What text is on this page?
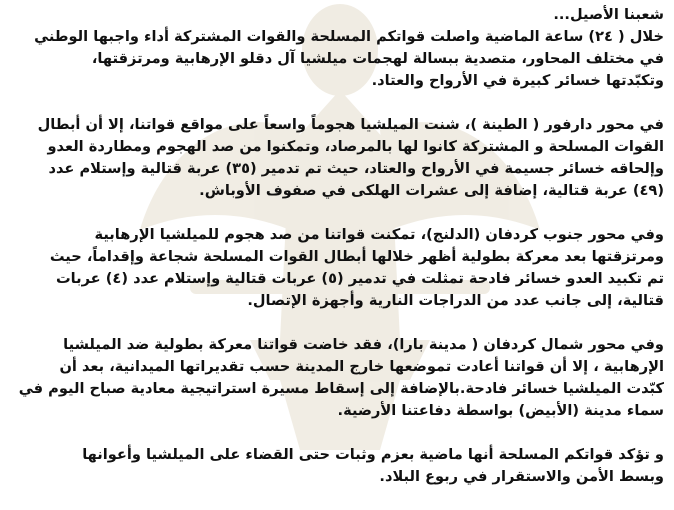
شعبنا الأصيل...
خلال ( ٢٤) ساعة الماضية واصلت قواتكم المسلحة والقوات المشتركة أداء واجبها الوطني
في مختلف المحاور، متصدية ببسالة لهجمات ميلشيا آل دقلو الإرهابية ومرتزقتها،
وتكبّدتها خسائر كبيرة في الأرواح والعتاد.
في محور دارفور ( الطينة )، شنت الميلشيا هجوماً واسعاً على مواقع قواتنا، إلا أن أبطال
القوات المسلحة و المشتركة كانوا لها بالمرصاد، وتمكنوا من صد الهجوم ومطاردة العدو
وإلحاقه خسائر جسيمة في الأرواح والعتاد، حيث تم تدمير (٣٥) عربة قتالية وإستلام عدد
(٤٩) عربة قتالية، إضافة إلى عشرات الهلكى في صفوف الأوباش.
وفي محور جنوب كردفان (الدلنج)، تمكنت قواتنا من صد هجوم للميلشيا الإرهابية
ومرتزقتها بعد معركة بطولية أظهر خلالها أبطال القوات المسلحة شجاعة وإقداماً، حيث
تم تكبيد العدو خسائر فادحة تمثلت في تدمير (٥) عربات قتالية وإستلام عدد (٤) عربات
قتالية، إلى جانب عدد من الدراجات النارية وأجهزة الإتصال.
وفي محور شمال كردفان ( مدينة بارا)، فقد خاضت قواتنا معركة بطولية ضد الميلشيا
الإرهابية ، إلا أن قواتنا أعادت تموضعها خارج المدينة حسب تقديراتها الميدانية، بعد أن
كبّدت الميلشيا خسائر فادحة.بالإضافة إلى إسقاط مسيرة استراتيجية معادية صباح اليوم في
سماء مدينة (الأبيض) بواسطة دفاعتنا الأرضية.
و تؤكد قواتكم المسلحة أنها ماضية بعزم وثبات حتى القضاء على الميلشيا وأعوانها
وبسط الأمن والاستقرار في ربوع البلاد.
